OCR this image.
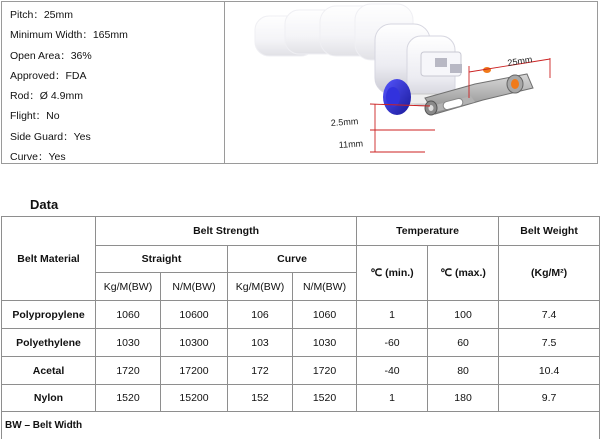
Pitch：25mm
Minimum Width：165mm
Open Area：36%
Approved：FDA
Rod：Ø 4.9mm
Flight：No
Side Guard：Yes
Curve：Yes
2.5mm
11mm
25mm
Data
Belt Material	Belt Strength				Temperature		Belt Weight
	Straight		Curve		℃ (min.)	℃ (max.)	(Kg/M²)
	Kg/M(BW)	N/M(BW)	Kg/M(BW)	N/M(BW)			
Polypropylene	1060	10600	106	1060	1	100	7.4
Polyethylene	1030	10300	103	1030	-60	60	7.5
Acetal	1720	17200	172	1720	-40	80	10.4
Nylon	1520	15200	152	1520	1	180	9.7
BW – Belt Width							
